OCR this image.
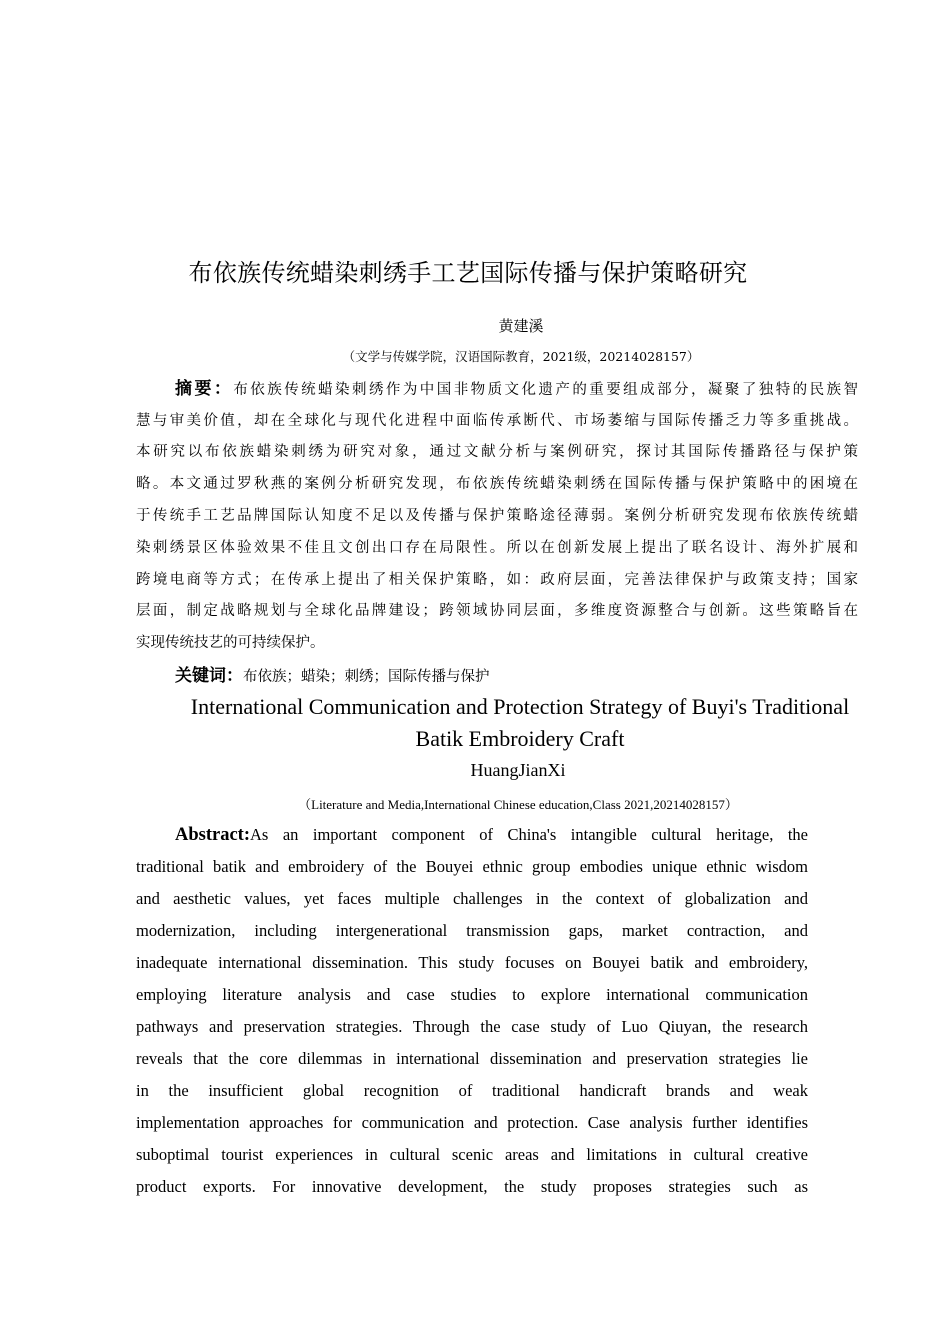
布依族传统蜡染刺绣手工艺国际传播与保护策略研究
黄建溪
（文学与传媒学院，汉语国际教育，2021级，20214028157）
摘要：布依族传统蜡染刺绣作为中国非物质文化遗产的重要组成部分，凝聚了独特的民族智
慧与审美价值，却在全球化与现代化进程中面临传承断代、市场萎缩与国际传播乏力等多重挑战。
本研究以布依族蜡染刺绣为研究对象，通过文献分析与案例研究，探讨其国际传播路径与保护策
略。本文通过罗秋燕的案例分析研究发现，布依族传统蜡染刺绣在国际传播与保护策略中的困境在
于传统手工艺品牌国际认知度不足以及传播与保护策略途径薄弱。案例分析研究发现布依族传统蜡
染刺绣景区体验效果不佳且文创出口存在局限性。所以在创新发展上提出了联名设计、海外扩展和
跨境电商等方式；在传承上提出了相关保护策略，如：政府层面，完善法律保护与政策支持；国家
层面，制定战略规划与全球化品牌建设；跨领域协同层面，多维度资源整合与创新。这些策略旨在
实现传统技艺的可持续保护。
关键词：布依族；蜡染；刺绣；国际传播与保护
International Communication and Protection Strategy of Buyi's Traditional
Batik Embroidery Craft
HuangJianXi
（Literature and Media,International Chinese education,Class 2021,20214028157）
Abstract:As an important component of China's intangible cultural heritage, the
traditional batik and embroidery of the Bouyei ethnic group embodies unique ethnic wisdom
and aesthetic values, yet faces multiple challenges in the context of globalization and
modernization, including intergenerational transmission gaps, market contraction, and
inadequate international dissemination. This study focuses on Bouyei batik and embroidery,
employing literature analysis and case studies to explore international communication
pathways and preservation strategies. Through the case study of Luo Qiuyan, the research
reveals that the core dilemmas in international dissemination and preservation strategies lie
in the insufficient global recognition of traditional handicraft brands and weak
implementation approaches for communication and protection. Case analysis further identifies
suboptimal tourist experiences in cultural scenic areas and limitations in cultural creative
product exports. For innovative development, the study proposes strategies such as
